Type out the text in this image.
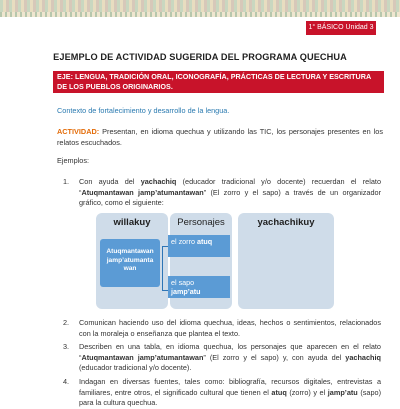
1° BÁSICO Unidad 3
EJEMPLO DE ACTIVIDAD SUGERIDA DEL PROGRAMA QUECHUA
EJE: LENGUA, TRADICIÓN ORAL, ICONOGRAFÍA, PRÁCTICAS DE LECTURA Y ESCRITURA DE LOS PUEBLOS ORIGINARIOS.
Contexto de fortalecimiento y desarrollo de la lengua.
ACTIVIDAD: Presentan, en idioma quechua y utilizando las TIC, los personajes presentes en los relatos escuchados.
Ejemplos:
1.	Con ayuda del yachachiq (educador tradicional y/o docente) recuerdan el relato “Atuqmantawan jamp’atumantawan” (El zorro y el sapo) a través de un organizador gráfico, como el siguiente:
willakuy
Atuqmantawan jamp’atumanta wan
Personajes	yachachikuy
el zorro atuq
el sapo
jamp’atu
2.	Comunican haciendo uso del idioma quechua, ideas, hechos o sentimientos, relacionados con la moraleja o enseñanza que plantea el texto.
3.	Describen en una tabla, en idioma quechua, los personajes que aparecen en el relato “Atuqmantawan jamp’atumantawan” (El zorro y el sapo) y, con ayuda del yachachiq (educador tradicional y/o docente).
4.	Indagan en diversas fuentes, tales como: bibliografía, recursos digitales, entrevistas a familiares, entre otros, el significado cultural que tienen el atuq (zorro) y el jamp’atu (sapo) para la cultura quechua.
